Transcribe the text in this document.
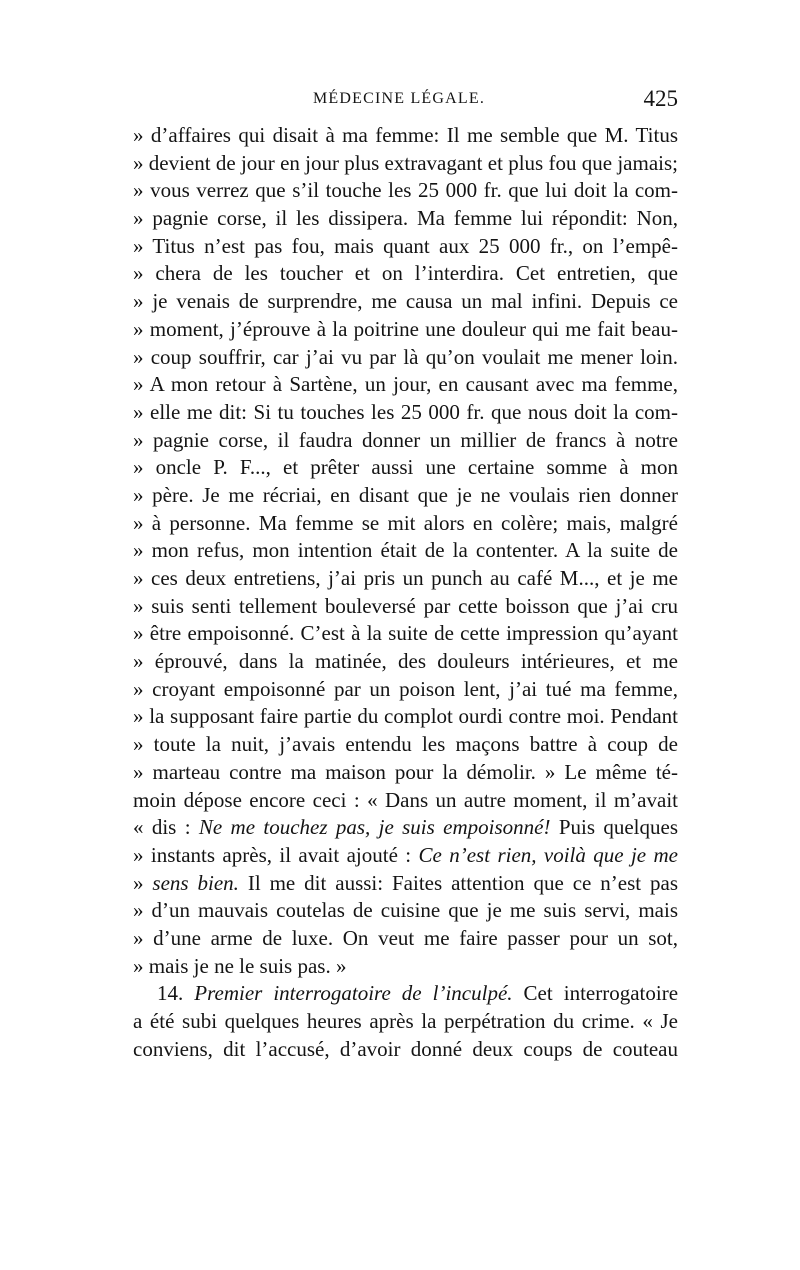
MÉDECINE LÉGALE.	425
» d’affaires qui disait à ma femme: Il me semble que M. Titus
» devient de jour en jour plus extravagant et plus fou que jamais;
» vous verrez que s’il touche les 25 000 fr. que lui doit la com-
» pagnie corse, il les dissipera. Ma femme lui répondit: Non,
» Titus n’est pas fou, mais quant aux 25 000 fr., on l’empê-
» chera de les toucher et on l’interdira. Cet entretien, que
» je venais de surprendre, me causa un mal infini. Depuis ce
» moment, j’éprouve à la poitrine une douleur qui me fait beau-
» coup souffrir, car j’ai vu par là qu’on voulait me mener loin.
» A mon retour à Sartène, un jour, en causant avec ma femme,
» elle me dit: Si tu touches les 25 000 fr. que nous doit la com-
» pagnie corse, il faudra donner un millier de francs à notre
» oncle P. F..., et prêter aussi une certaine somme à mon
» père. Je me récriai, en disant que je ne voulais rien donner
» à personne. Ma femme se mit alors en colère; mais, malgré
» mon refus, mon intention était de la contenter. A la suite de
» ces deux entretiens, j’ai pris un punch au café M..., et je me
» suis senti tellement bouleversé par cette boisson que j’ai cru
» être empoisonné. C’est à la suite de cette impression qu’ayant
» éprouvé, dans la matinée, des douleurs intérieures, et me
» croyant empoisonné par un poison lent, j’ai tué ma femme,
» la supposant faire partie du complot ourdi contre moi. Pendant
» toute la nuit, j’avais entendu les maçons battre à coup de
» marteau contre ma maison pour la démolir. » Le même té-
moin dépose encore ceci : « Dans un autre moment, il m’avait
« dis : Ne me touchez pas, je suis empoisonné! Puis quelques
» instants après, il avait ajouté : Ce n’est rien, voilà que je me
» sens bien. Il me dit aussi: Faites attention que ce n’est pas
» d’un mauvais coutelas de cuisine que je me suis servi, mais
» d’une arme de luxe. On veut me faire passer pour un sot,
» mais je ne le suis pas. »
14. Premier interrogatoire de l’inculpé. Cet interrogatoire
a été subi quelques heures après la perpétration du crime. « Je
conviens, dit l’accusé, d’avoir donné deux coups de couteau
